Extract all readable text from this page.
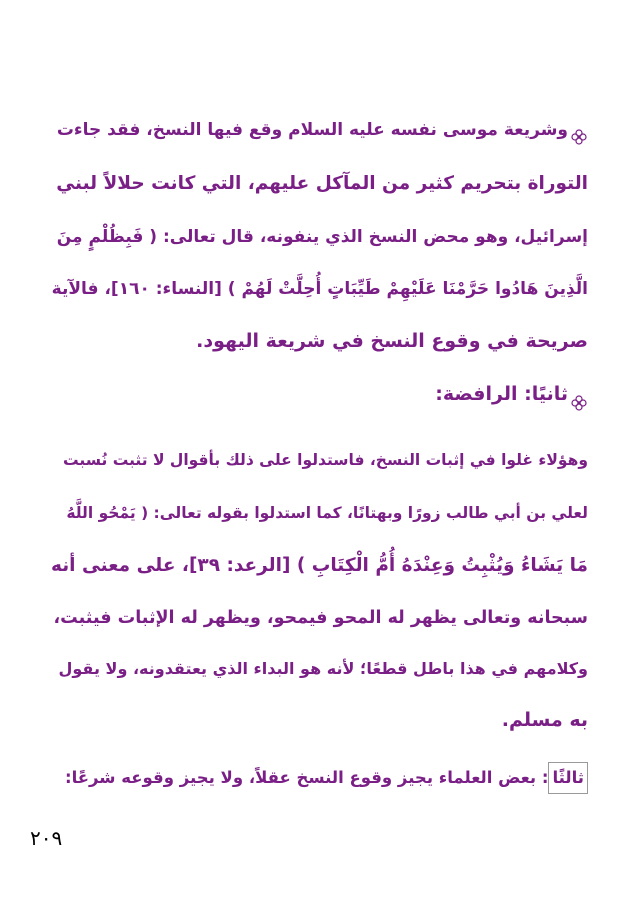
وشريعة موسى نفسه عليه السلام وقع فيها النسخ، فقد جاءت
التوراة بتحريم كثير من المآكل عليهم، التي كانت حلالاً لبني
إسرائيل، وهو محض النسخ الذي ينفونه، قال تعالى: ( فَبِظُلْمٍ مِنَ
الَّذِينَ هَادُوا حَرَّمْنَا عَلَيْهِمْ طَيِّبَاتٍ أُحِلَّتْ لَهُمْ ) [النساء: ١٦٠]، فالآية
صريحة في وقوع النسخ في شريعة اليهود.
ثانيًا: الرافضة:
وهؤلاء غلوا في إثبات النسخ، فاستدلوا على ذلك بأقوال لا تثبت نُسبت
لعلي بن أبي طالب زورًا وبهتانًا، كما استدلوا بقوله تعالى: ( يَمْحُو اللَّهُ
مَا يَشَاءُ وَيُثْبِتُ وَعِنْدَهُ أُمُّ الْكِتَابِ ) [الرعد: ٣٩]، على معنى أنه
سبحانه وتعالى يظهر له المحو فيمحو، ويظهر له الإثبات فيثبت،
وكلامهم في هذا باطل قطعًا؛ لأنه هو البداء الذي يعتقدونه، ولا يقول
به مسلم.
ثالثًا: بعض العلماء يجيز وقوع النسخ عقلاً، ولا يجيز وقوعه شرعًا:
٢٠٩
